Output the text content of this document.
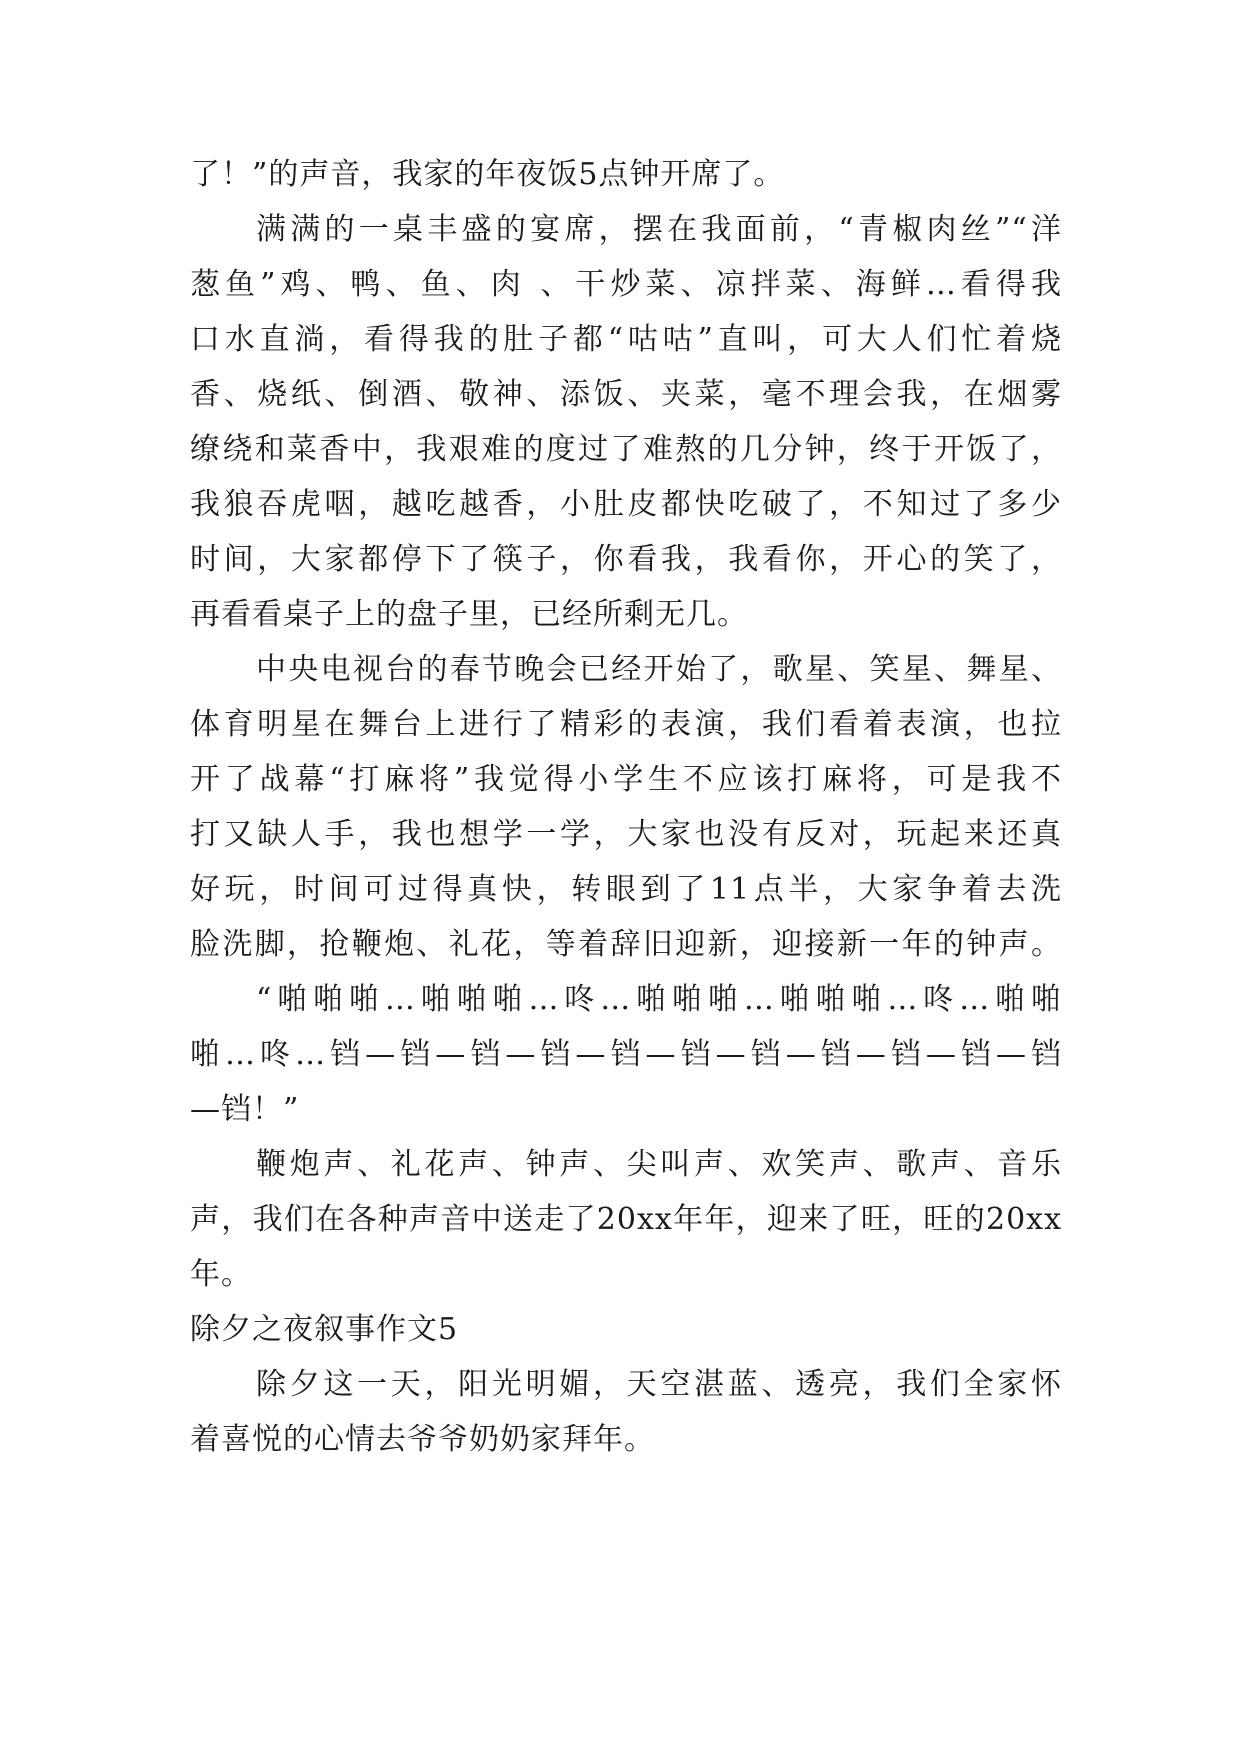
了！”的声音，我家的年夜饭5点钟开席了。
满满的一桌丰盛的宴席，摆在我面前，“青椒肉丝”“洋
葱鱼”鸡、鸭、鱼、肉 、干炒菜、凉拌菜、海鲜…看得我
口水直淌，看得我的肚子都“咕咕”直叫，可大人们忙着烧
香、烧纸、倒酒、敬神、添饭、夹菜，毫不理会我，在烟雾
缭绕和菜香中，我艰难的度过了难熬的几分钟，终于开饭了，
我狼吞虎咽，越吃越香，小肚皮都快吃破了，不知过了多少
时间，大家都停下了筷子，你看我，我看你，开心的笑了，
再看看桌子上的盘子里，已经所剩无几。
中央电视台的春节晚会已经开始了，歌星、笑星、舞星、
体育明星在舞台上进行了精彩的表演，我们看着表演，也拉
开了战幕“打麻将”我觉得小学生不应该打麻将，可是我不
打又缺人手，我也想学一学，大家也没有反对，玩起来还真
好玩，时间可过得真快，转眼到了11点半，大家争着去洗
脸洗脚，抢鞭炮、礼花，等着辞旧迎新，迎接新一年的钟声。
“啪啪啪…啪啪啪…咚…啪啪啪…啪啪啪…咚…啪啪
啪…咚…铛—铛—铛—铛—铛—铛—铛—铛—铛—铛—铛
—铛！”
鞭炮声、礼花声、钟声、尖叫声、欢笑声、歌声、音乐
声，我们在各种声音中送走了20xx年年，迎来了旺，旺的20xx
年。
除夕之夜叙事作文5
除夕这一天，阳光明媚，天空湛蓝、透亮，我们全家怀
着喜悦的心情去爷爷奶奶家拜年。
